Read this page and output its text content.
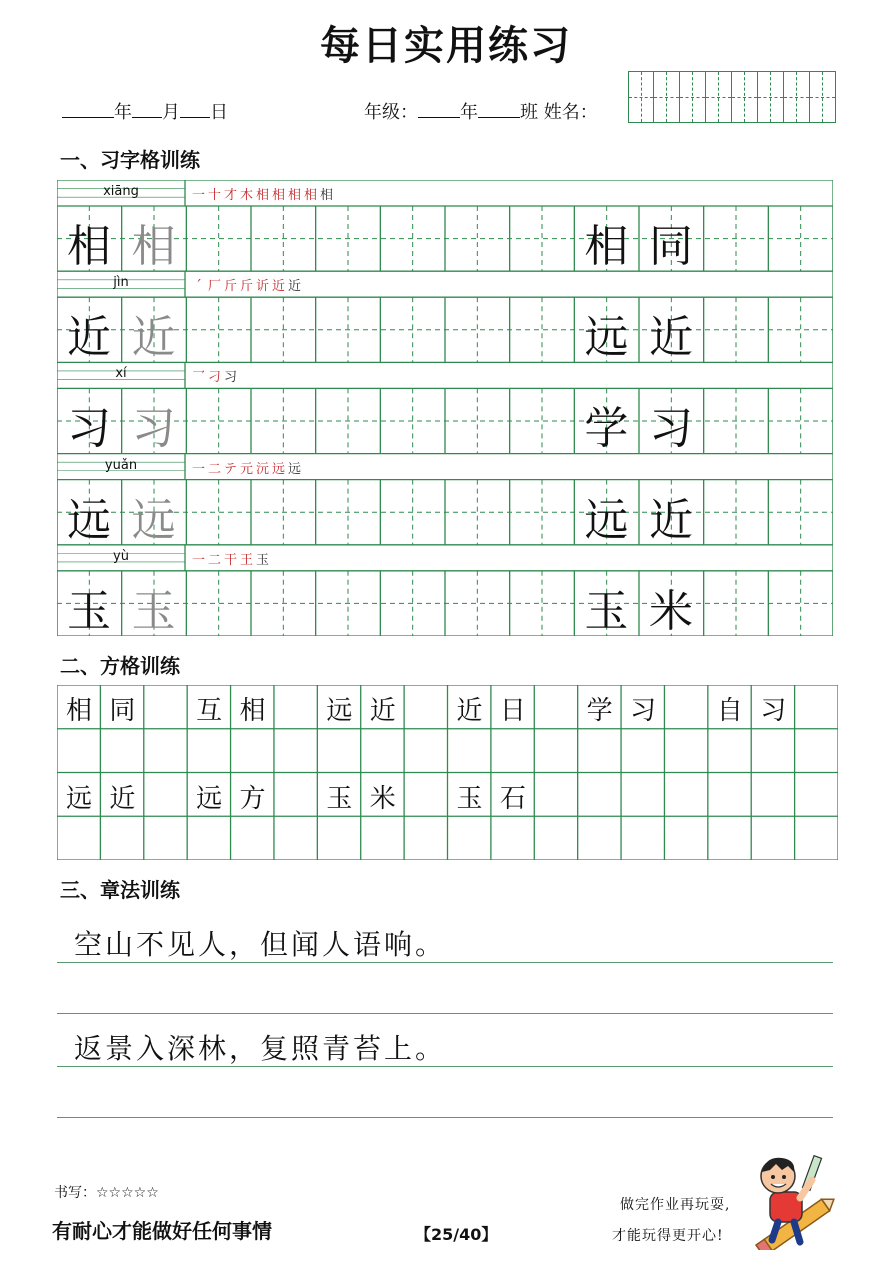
每日实用练习
年 月 日	年级： 年 班 姓名：
一、习字格训练
xiāng	一 十 才 木 相 相 相 相 相
相 相	相 同
jìn	´ 厂 斤 斤 䜣 近 近
近 近	远 近
xí	乛 刁 习
习 习	学 习
yuǎn	一 二 テ 元 沅 远 远
远 远	远 近
yù	一 二 干 王 玉
玉 玉	玉 米
二、方格训练
相 同	互 相	远 近	近 日	学 习	自 习
远 近	远 方	玉 米	玉 石
三、章法训练
空山不见人，但闻人语响。
返景入深林，复照青苔上。
书写：☆☆☆☆☆
有耐心才能做好任何事情	【25/40】
做完作业再玩耍,
才能玩得更开心!
